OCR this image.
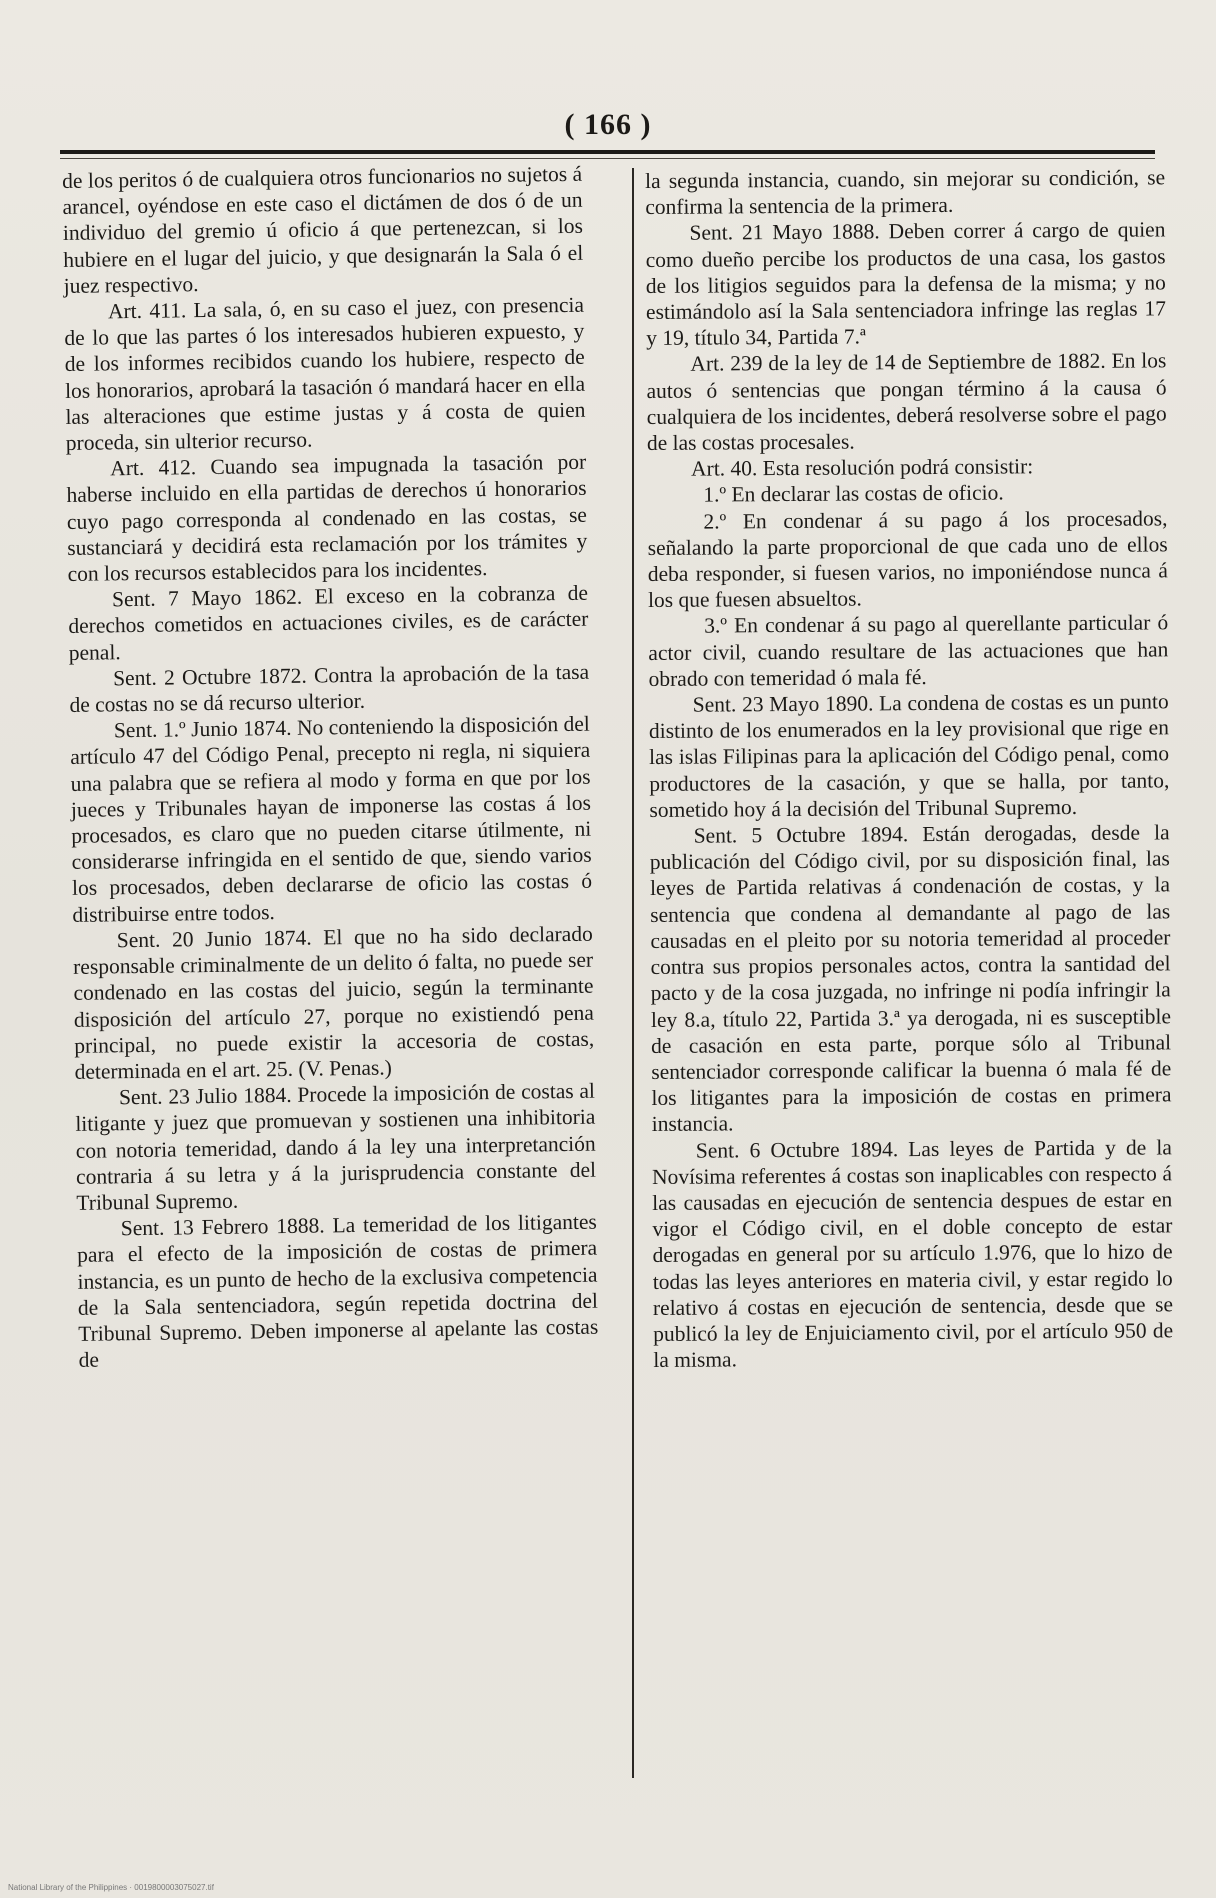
( 166 )

de los peritos ó de cualquiera otros funcionarios no sujetos á arancel, oyéndose en este caso el dictámen de dos ó de un individuo del gremio ú oficio á que pertenezcan, si los hubiere en el lugar del juicio, y que designarán la Sala ó el juez respectivo.

Art. 411. La sala, ó, en su caso el juez, con presencia de lo que las partes ó los interesados hubieren expuesto, y de los informes recibidos cuando los hubiere, respecto de los honorarios, aprobará la tasación ó mandará hacer en ella las alteraciones que estime justas y á costa de quien proceda, sin ulterior recurso.

Art. 412. Cuando sea impugnada la tasación por haberse incluido en ella partidas de derechos ú honorarios cuyo pago corresponda al condenado en las costas, se sustanciará y decidirá esta reclamación por los trámites y con los recursos establecidos para los incidentes.

Sent. 7 Mayo 1862. El exceso en la cobranza de derechos cometidos en actuaciones civiles, es de carácter penal.

Sent. 2 Octubre 1872. Contra la aprobación de la tasa de costas no se dá recurso ulterior.

Sent. 1.º Junio 1874. No conteniendo la disposición del artículo 47 del Código Penal, precepto ni regla, ni siquiera una palabra que se refiera al modo y forma en que por los jueces y Tribunales hayan de imponerse las costas á los procesados, es claro que no pueden citarse útilmente, ni considerarse infringida en el sentido de que, siendo varios los procesados, deben declararse de oficio las costas ó distribuirse entre todos.

Sent. 20 Junio 1874. El que no ha sido declarado responsable criminalmente de un delito ó falta, no puede ser condenado en las costas del juicio, según la terminante disposición del artículo 27, porque no existiendó pena principal, no puede existir la accesoria de costas, determinada en el art. 25. (V. Penas.)

Sent. 23 Julio 1884. Procede la imposición de costas al litigante y juez que promuevan y sostienen una inhibitoria con notoria temeridad, dando á la ley una interpretanción contraria á su letra y á la jurisprudencia constante del Tribunal Supremo.

Sent. 13 Febrero 1888. La temeridad de los litigantes para el efecto de la imposición de costas de primera instancia, es un punto de hecho de la exclusiva competencia de la Sala sentenciadora, según repetida doctrina del Tribunal Supremo. Deben imponerse al apelante las costas de

la segunda instancia, cuando, sin mejorar su condición, se confirma la sentencia de la primera.

Sent. 21 Mayo 1888. Deben correr á cargo de quien como dueño percibe los productos de una casa, los gastos de los litigios seguidos para la defensa de la misma; y no estimándolo así la Sala sentenciadora infringe las reglas 17 y 19, título 34, Partida 7.ª

Art. 239 de la ley de 14 de Septiembre de 1882. En los autos ó sentencias que pongan término á la causa ó cualquiera de los incidentes, deberá resolverse sobre el pago de las costas procesales.

Art. 40. Esta resolución podrá consistir:

1.º En declarar las costas de oficio.

2.º En condenar á su pago á los procesados, señalando la parte proporcional de que cada uno de ellos deba responder, si fuesen varios, no imponiéndose nunca á los que fuesen absueltos.

3.º En condenar á su pago al querellante particular ó actor civil, cuando resultare de las actuaciones que han obrado con temeridad ó mala fé.

Sent. 23 Mayo 1890. La condena de costas es un punto distinto de los enumerados en la ley provisional que rige en las islas Filipinas para la aplicación del Código penal, como productores de la casación, y que se halla, por tanto, sometido hoy á la decisión del Tribunal Supremo.

Sent. 5 Octubre 1894. Están derogadas, desde la publicación del Código civil, por su disposición final, las leyes de Partida relativas á condenación de costas, y la sentencia que condena al demandante al pago de las causadas en el pleito por su notoria temeridad al proceder contra sus propios personales actos, contra la santidad del pacto y de la cosa juzgada, no infringe ni podía infringir la ley 8.a, título 22, Partida 3.ª ya derogada, ni es susceptible de casación en esta parte, porque sólo al Tribunal sentenciador corresponde calificar la buenna ó mala fé de los litigantes para la imposición de costas en primera instancia.

Sent. 6 Octubre 1894. Las leyes de Partida y de la Novísima referentes á costas son inaplicables con respecto á las causadas en ejecución de sentencia despues de estar en vigor el Código civil, en el doble concepto de estar derogadas en general por su artículo 1.976, que lo hizo de todas las leyes anteriores en materia civil, y estar regido lo relativo á costas en ejecución de sentencia, desde que se publicó la ley de Enjuiciamento civil, por el artículo 950 de la misma.

National Library of the Philippines · 0019800003075027.tif
